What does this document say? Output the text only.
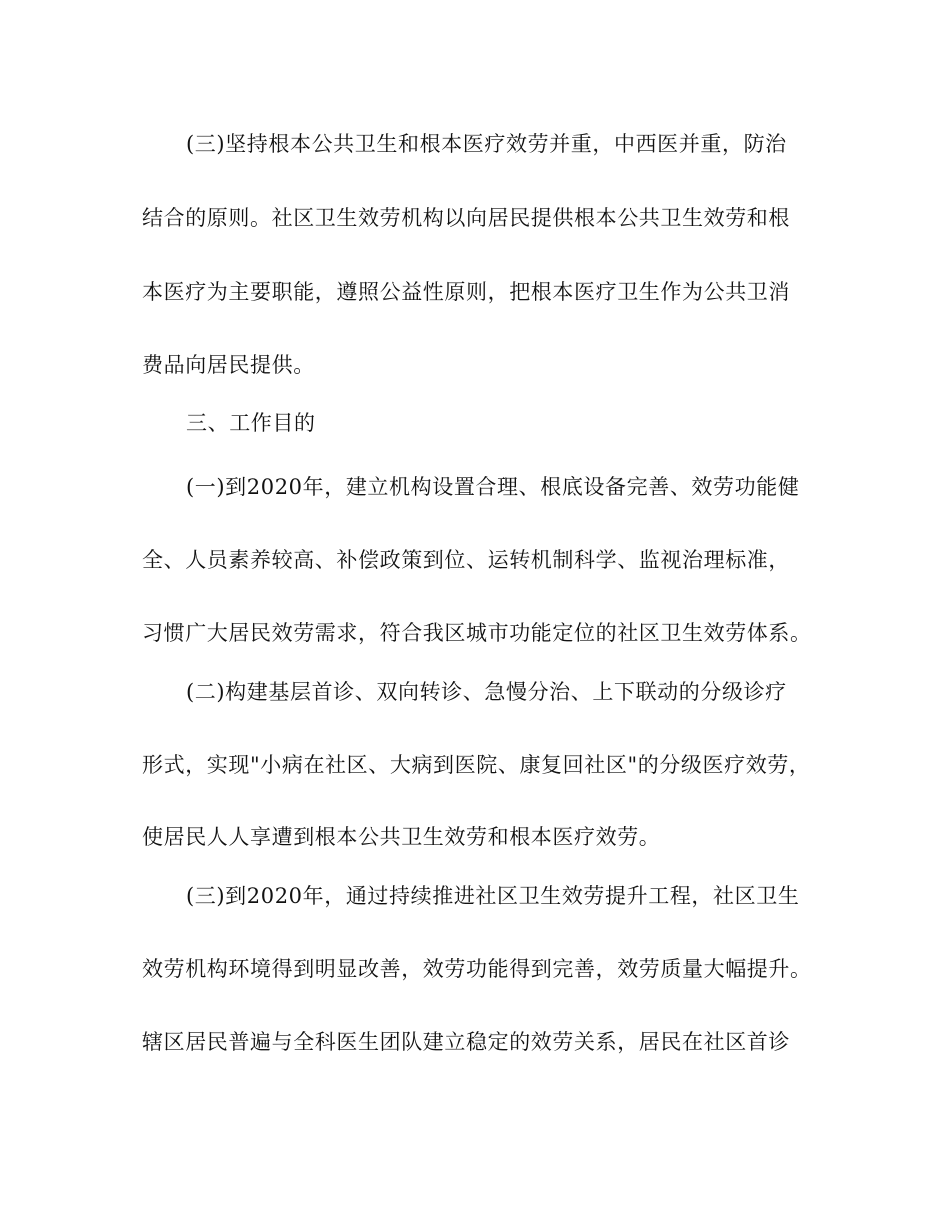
(三)坚持根本公共卫生和根本医疗效劳并重，中西医并重，防治
结合的原则。社区卫生效劳机构以向居民提供根本公共卫生效劳和根
本医疗为主要职能，遵照公益性原则，把根本医疗卫生作为公共卫消
费品向居民提供。
三、工作目的
(一)到2020年，建立机构设置合理、根底设备完善、效劳功能健
全、人员素养较高、补偿政策到位、运转机制科学、监视治理标准，
习惯广大居民效劳需求，符合我区城市功能定位的社区卫生效劳体系。
(二)构建基层首诊、双向转诊、急慢分治、上下联动的分级诊疗
形式，实现"小病在社区、大病到医院、康复回社区"的分级医疗效劳，
使居民人人享遭到根本公共卫生效劳和根本医疗效劳。
(三)到2020年，通过持续推进社区卫生效劳提升工程，社区卫生
效劳机构环境得到明显改善，效劳功能得到完善，效劳质量大幅提升。
辖区居民普遍与全科医生团队建立稳定的效劳关系，居民在社区首诊
